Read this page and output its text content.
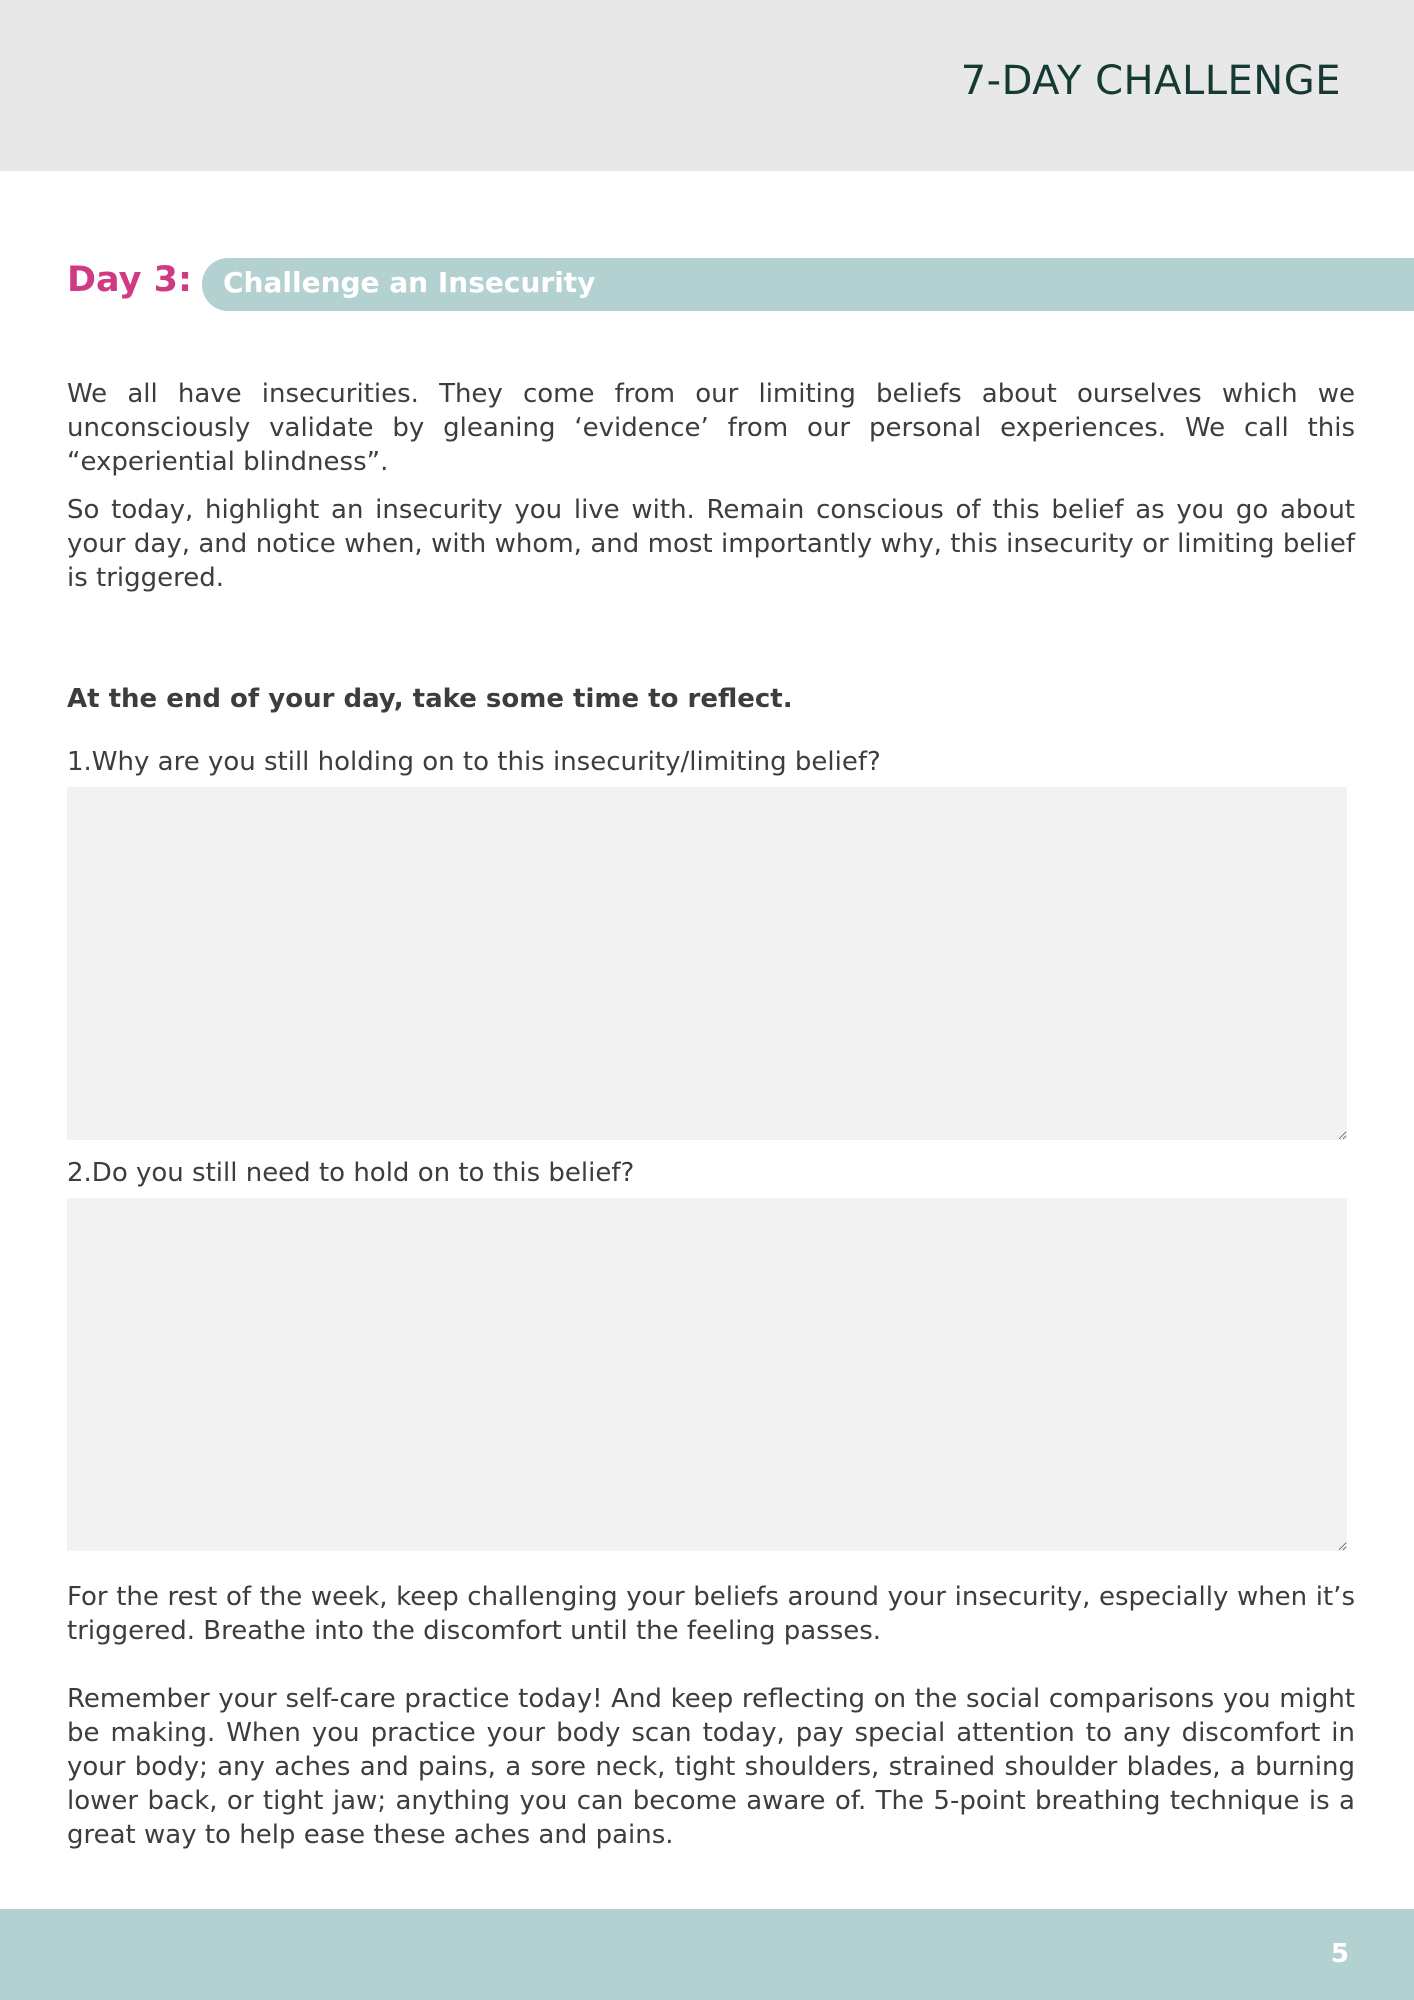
7-DAY CHALLENGE
Day 3: Challenge an Insecurity

We all have insecurities. They come from our limiting beliefs about ourselves which we unconsciously validate by gleaning ‘evidence’ from our personal experiences. We call this “experiential blindness”.

So today, highlight an insecurity you live with. Remain conscious of this belief as you go about your day, and notice when, with whom, and most importantly why, this insecurity or limiting belief is triggered.

At the end of your day, take some time to reflect.
1.Why are you still holding on to this insecurity/limiting belief?
2.Do you still need to hold on to this belief?

For the rest of the week, keep challenging your beliefs around your insecurity, especially when it’s triggered. Breathe into the discomfort until the feeling passes.

Remember your self-care practice today! And keep reflecting on the social comparisons you might be making. When you practice your body scan today, pay special attention to any discomfort in your body; any aches and pains, a sore neck, tight shoulders, strained shoulder blades, a burning lower back, or tight jaw; anything you can become aware of. The 5-point breathing technique is a great way to help ease these aches and pains.

5
